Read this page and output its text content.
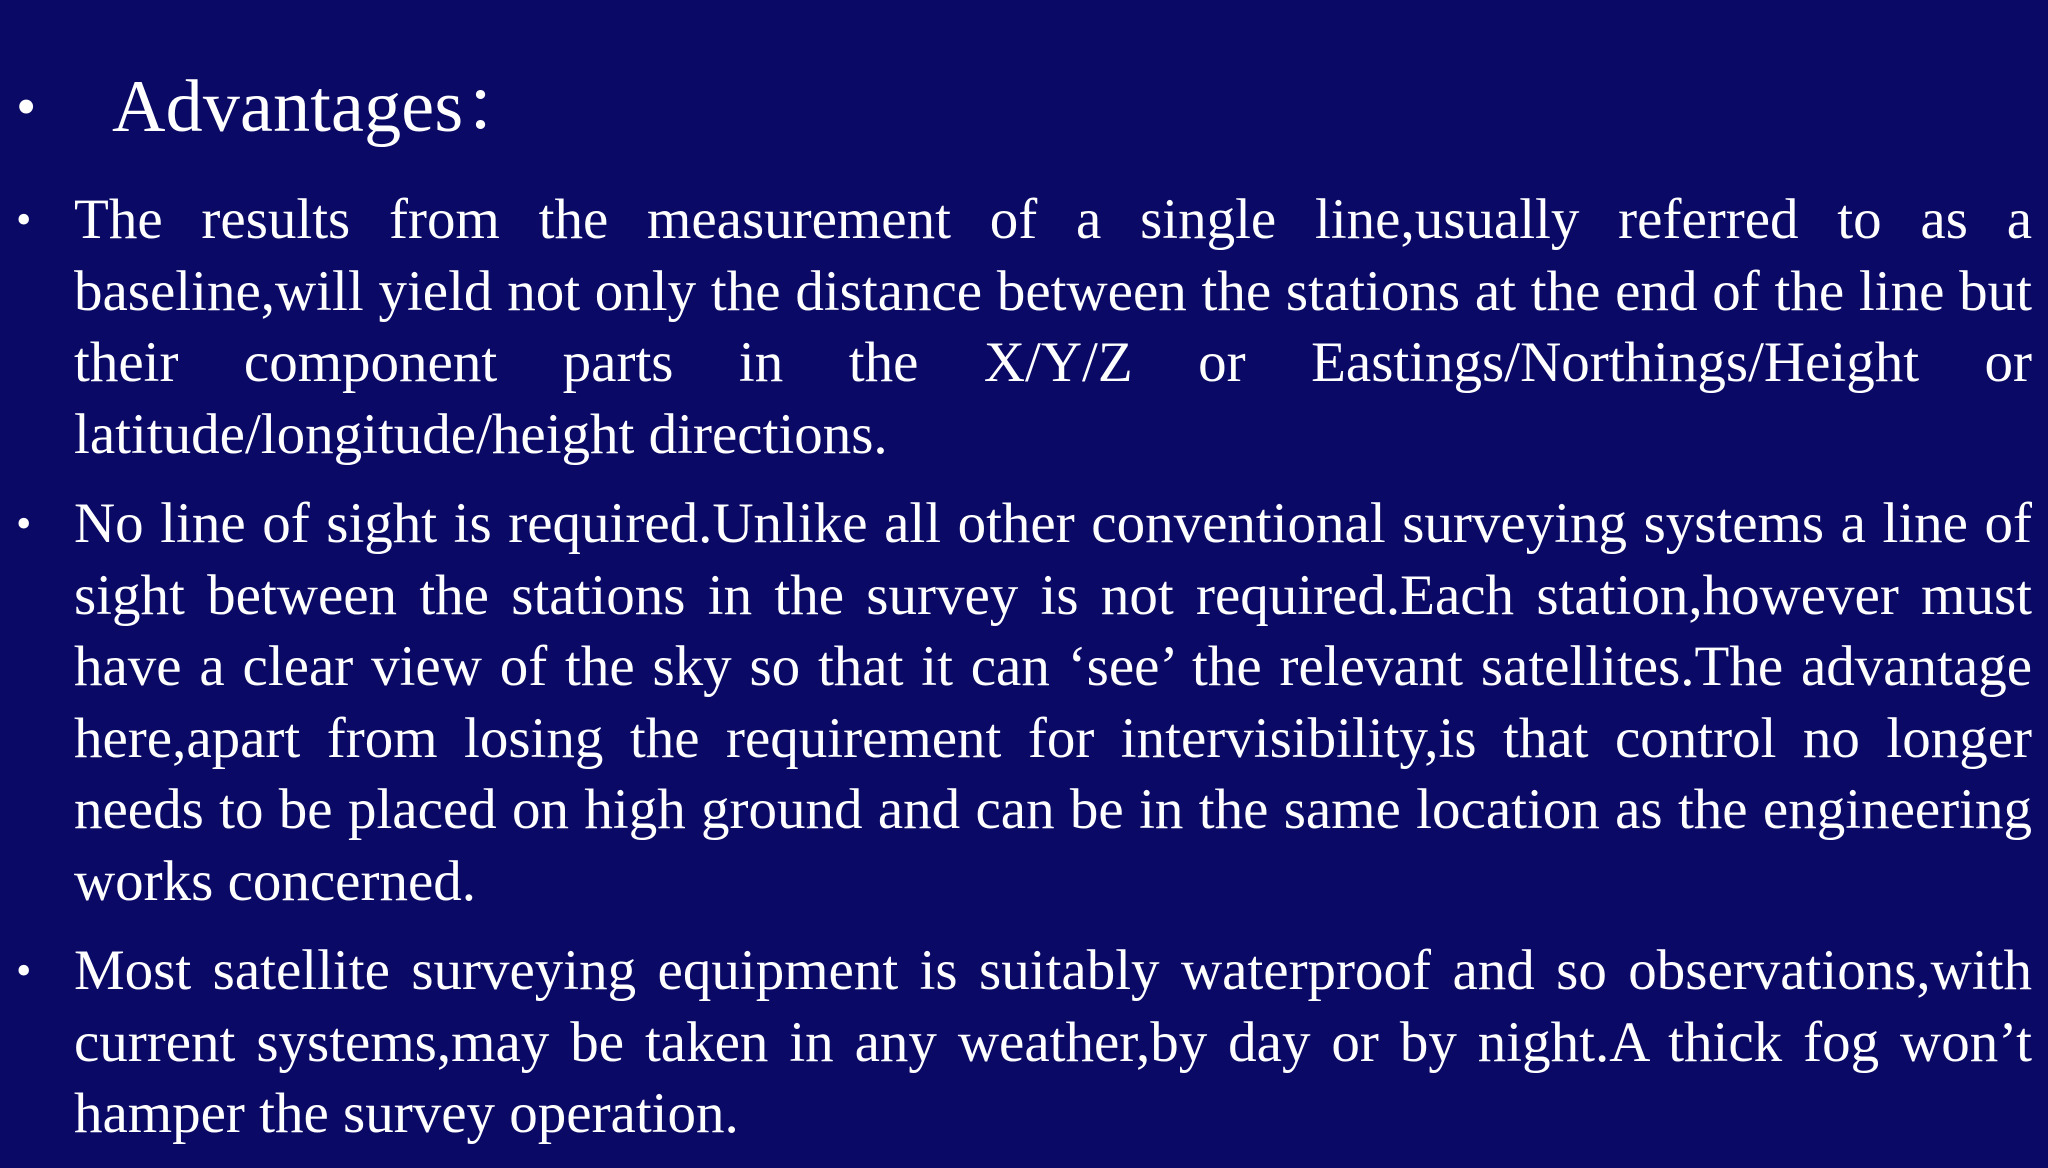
•	Advantages：
• The results from the measurement of a single line,usually referred to as a baseline,will yield not only the distance between the stations at the end of the line but their component parts in the X/Y/Z or Eastings/Northings/Height or latitude/longitude/height directions.
• No line of sight is required.Unlike all other conventional surveying systems a line of sight between the stations in the survey is not required.Each station,however must have a clear view of the sky so that it can ‘see’ the relevant satellites.The advantage here,apart from losing the requirement for intervisibility,is that control no longer needs to be placed on high ground and can be in the same location as the engineering works concerned.
• Most satellite surveying equipment is suitably waterproof and so observations,with current systems,may be taken in any weather,by day or by night.A thick fog won’t hamper the survey operation.
